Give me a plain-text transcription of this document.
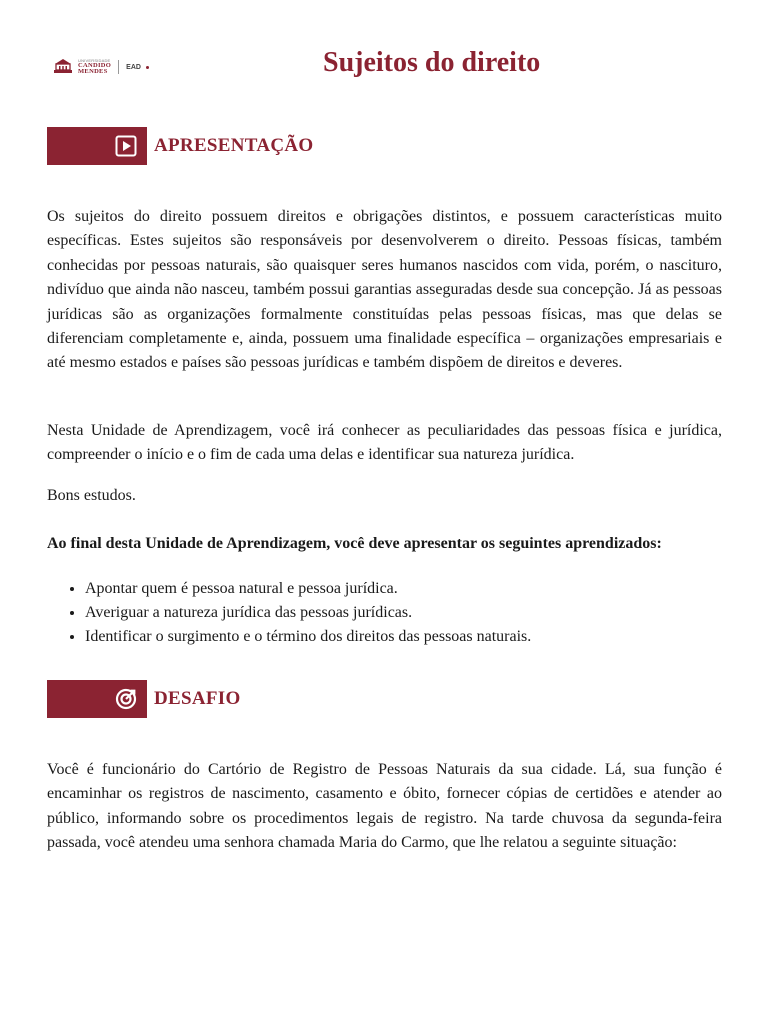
UNIVERSIDADE
CANDIDO
MENDES
EAD	Sujeitos do direito
APRESENTAÇÃO

Os sujeitos do direito possuem direitos e obrigações distintos, e possuem características muito específicas. Estes sujeitos são responsáveis por desenvolverem o direito. Pessoas físicas, também conhecidas por pessoas naturais, são quaisquer seres humanos nascidos com vida, porém, o nascituro, ndivíduo que ainda não nasceu, também possui garantias asseguradas desde sua concepção. Já as pessoas jurídicas são as organizações formalmente constituídas pelas pessoas físicas, mas que delas se diferenciam completamente e, ainda, possuem uma finalidade específica – organizações empresariais e até mesmo estados e países são pessoas jurídicas e também dispõem de direitos e deveres.

Nesta Unidade de Aprendizagem, você irá conhecer as peculiaridades das pessoas física e jurídica, compreender o início e o fim de cada uma delas e identificar sua natureza jurídica.

Bons estudos.

Ao final desta Unidade de Aprendizagem, você deve apresentar os seguintes aprendizados:

• Apontar quem é pessoa natural e pessoa jurídica.
• Averiguar a natureza jurídica das pessoas jurídicas.
• Identificar o surgimento e o término dos direitos das pessoas naturais.
DESAFIO

Você é funcionário do Cartório de Registro de Pessoas Naturais da sua cidade. Lá, sua função é encaminhar os registros de nascimento, casamento e óbito, fornecer cópias de certidões e atender ao público, informando sobre os procedimentos legais de registro. Na tarde chuvosa da segunda-feira passada, você atendeu uma senhora chamada Maria do Carmo, que lhe relatou a seguinte situação:
